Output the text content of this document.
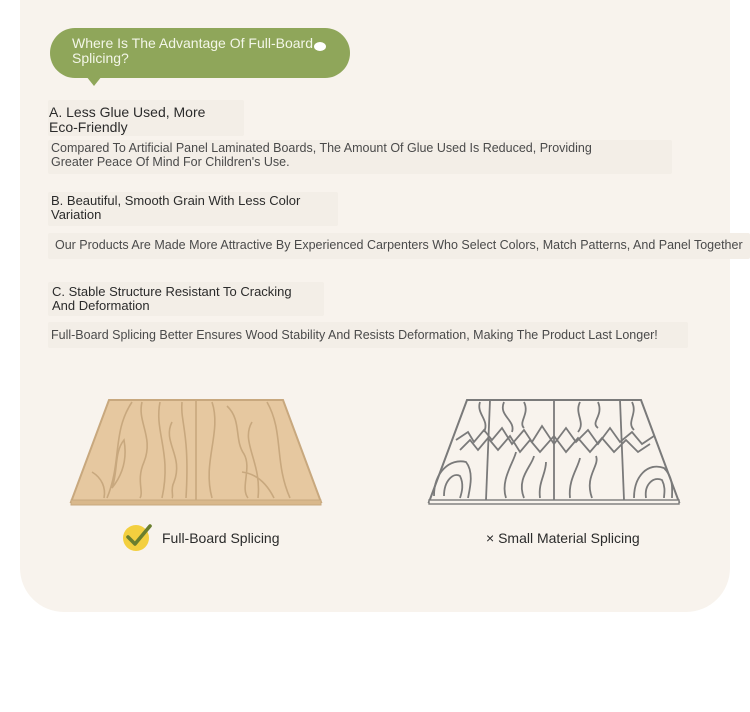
Where Is The Advantage Of Full-Board Splicing?
A. Less Glue Used, More Eco-Friendly
Compared To Artificial Panel Laminated Boards, The Amount Of Glue Used Is Reduced, Providing
Greater Peace Of Mind For Children's Use.
B. Beautiful, Smooth Grain With Less Color Variation
Our Products Are Made More Attractive By Experienced Carpenters Who Select Colors, Match Patterns, And Panel Together
C. Stable Structure Resistant To Cracking And Deformation
Full-Board Splicing Better Ensures Wood Stability And Resists Deformation, Making The Product Last Longer!
Full-Board Splicing	× Small Material Splicing
